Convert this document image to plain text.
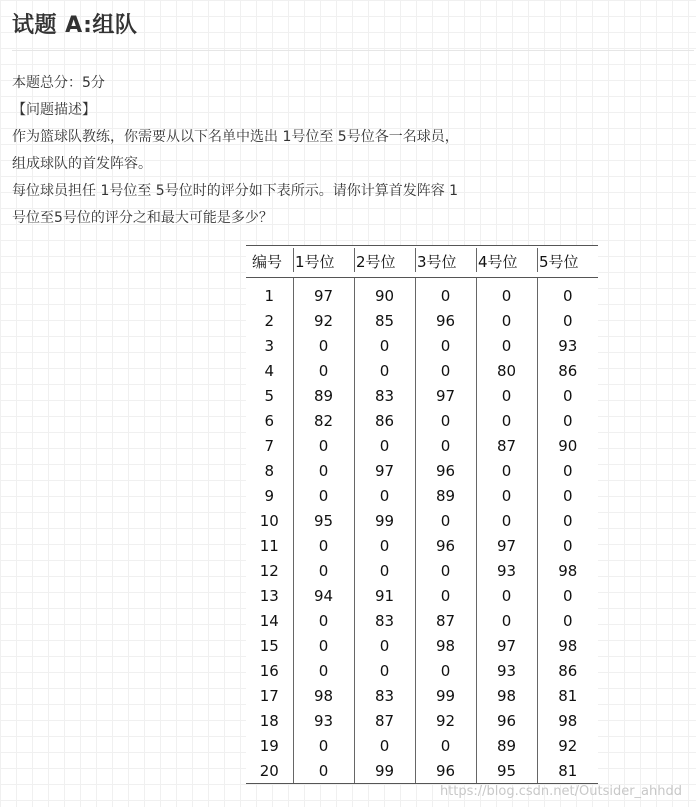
试题 A:组队
本题总分：5分
【问题描述】
作为篮球队教练，你需要从以下名单中选出 1号位至 5号位各一名球员，
组成球队的首发阵容。
每位球员担任 1号位至 5号位时的评分如下表所示。请你计算首发阵容 1
号位至5号位的评分之和最大可能是多少？
编号	1号位	2号位	3号位	4号位	5号位
1	97	90	0	0	0
2	92	85	96	0	0
3	0	0	0	0	93
4	0	0	0	80	86
5	89	83	97	0	0
6	82	86	0	0	0
7	0	0	0	87	90
8	0	97	96	0	0
9	0	0	89	0	0
10	95	99	0	0	0
11	0	0	96	97	0
12	0	0	0	93	98
13	94	91	0	0	0
14	0	83	87	0	0
15	0	0	98	97	98
16	0	0	0	93	86
17	98	83	99	98	81
18	93	87	92	96	98
19	0	0	0	89	92
20	0	99	96	95	81
https://blog.csdn.net/Outsider_ahhdd
